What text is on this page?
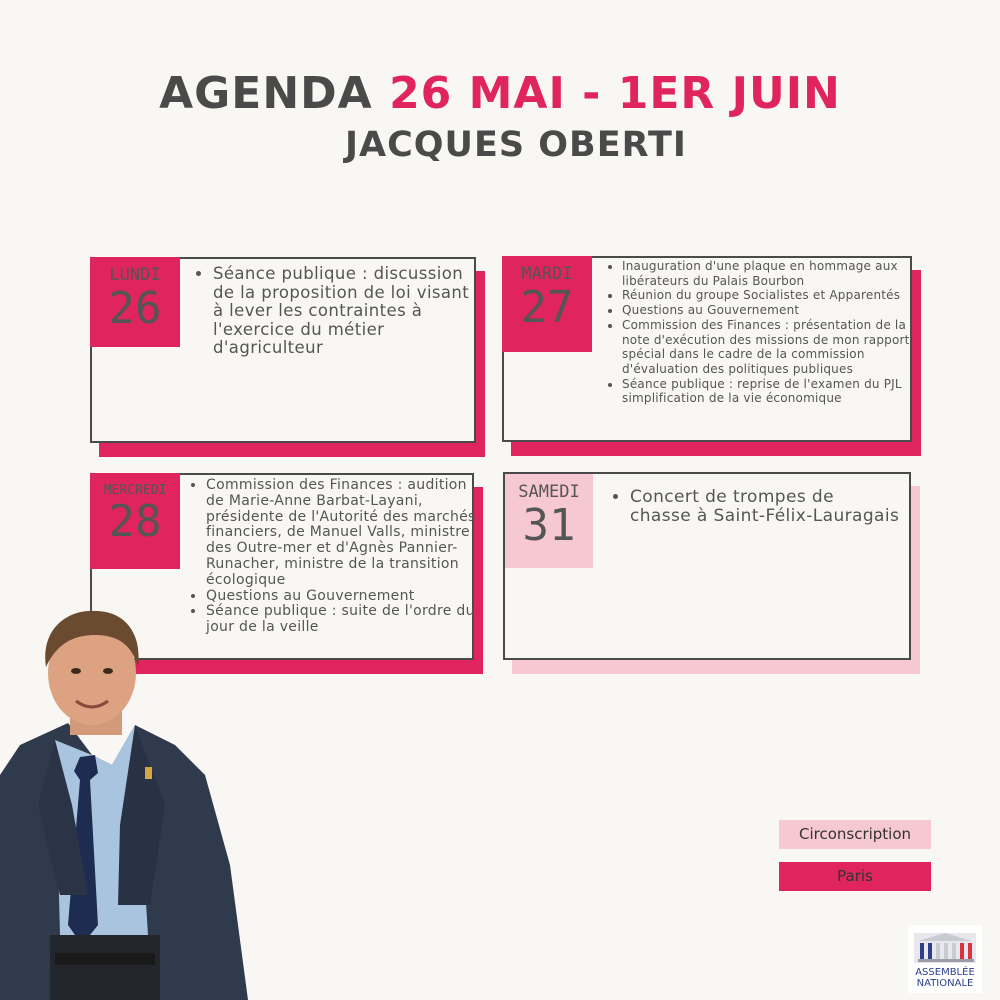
AGENDA 26 MAI - 1ER JUIN
JACQUES OBERTI
LUNDI
26
• Séance publique : discussion de la proposition de loi visant à lever les contraintes à l'exercice du métier d'agriculteur
MARDI
27
• Inauguration d'une plaque en hommage aux libérateurs du Palais Bourbon
• Réunion du groupe Socialistes et Apparentés
• Questions au Gouvernement
• Commission des Finances : présentation de la note d'exécution des missions de mon rapport spécial dans le cadre de la commission d'évaluation des politiques publiques
• Séance publique : reprise de l'examen du PJL simplification de la vie économique
MERCREDI
28
• Commission des Finances : audition de Marie-Anne Barbat-Layani, présidente de l'Autorité des marchés financiers, de Manuel Valls, ministre des Outre-mer et d'Agnès Pannier-Runacher, ministre de la transition écologique
• Questions au Gouvernement
• Séance publique : suite de l'ordre du jour de la veille
SAMEDI
31
• Concert de trompes de chasse à Saint-Félix-Lauragais
Circonscription
Paris
ASSEMBLÉE
NATIONALE
